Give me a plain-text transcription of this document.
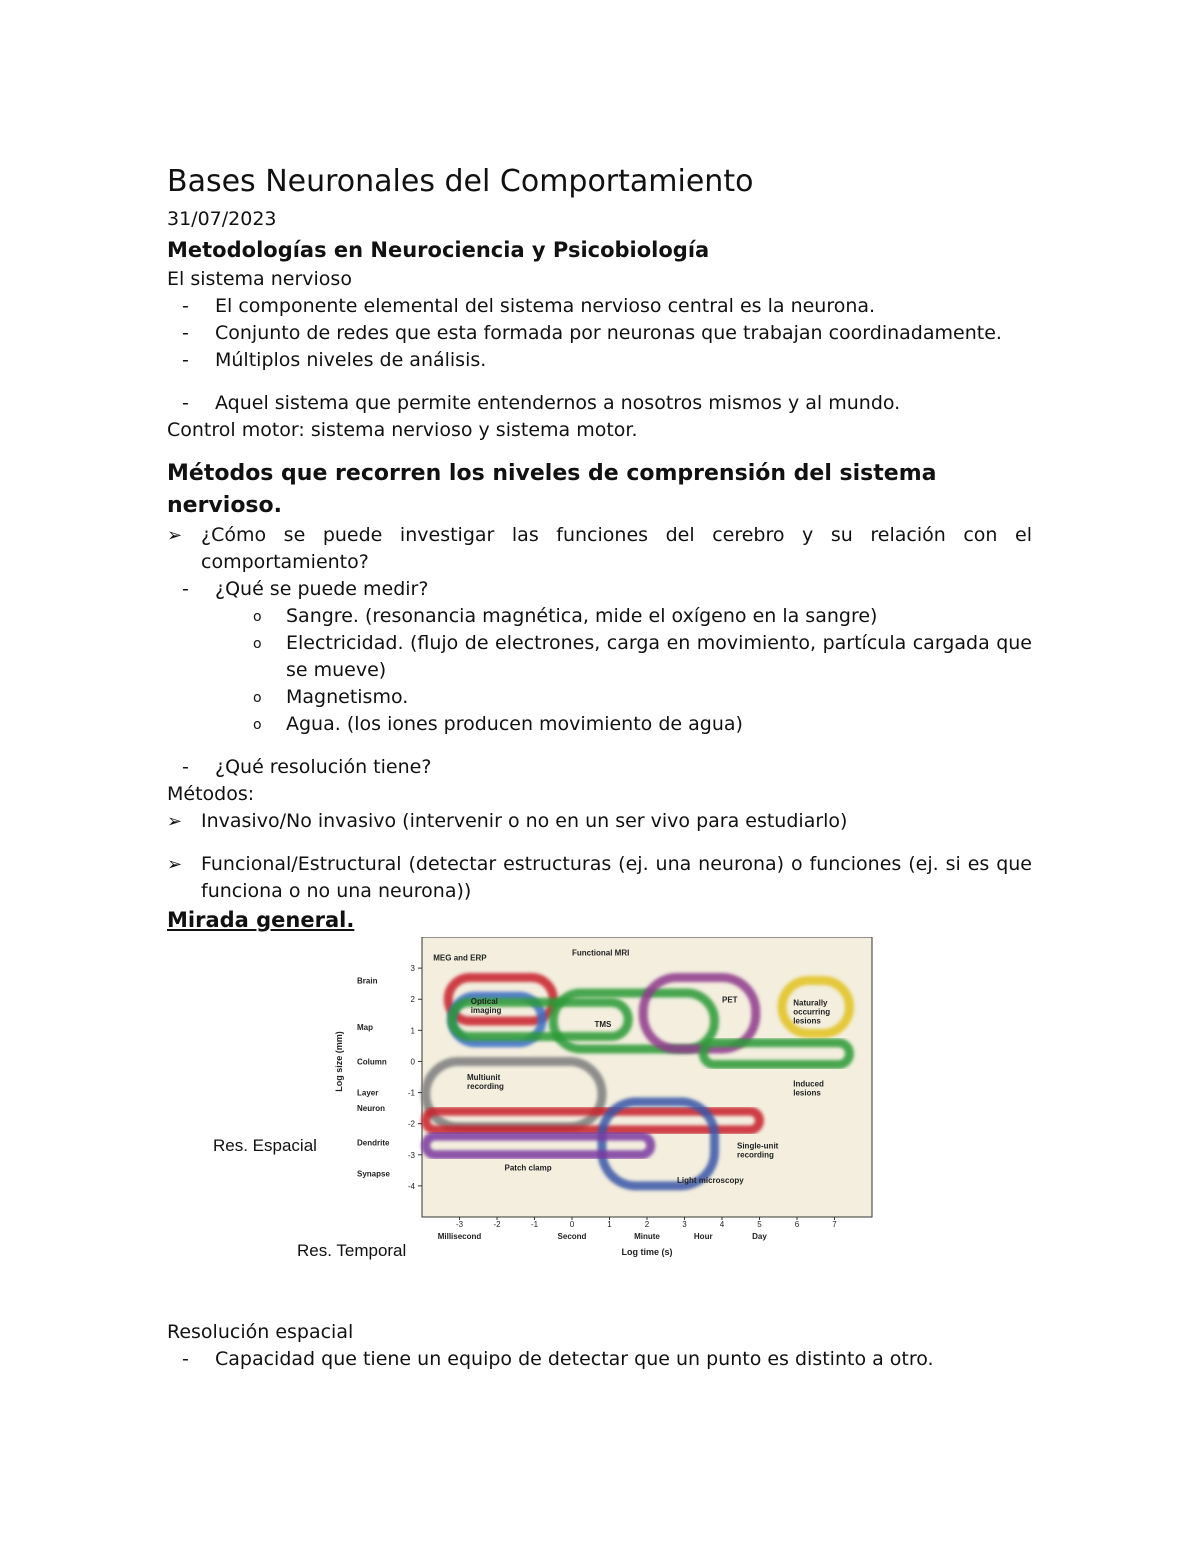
Bases Neuronales del Comportamiento

31/07/2023

Metodologías en Neurociencia y Psicobiología

El sistema nervioso

- El componente elemental del sistema nervioso central es la neurona.
- Conjunto de redes que esta formada por neuronas que trabajan coordinadamente.
- Múltiplos niveles de análisis.
- Aquel sistema que permite entendernos a nosotros mismos y al mundo.

Control motor: sistema nervioso y sistema motor.

Métodos que recorren los niveles de comprensión del sistema nervioso.
➢ ¿Cómo se puede investigar las funciones del cerebro y su relación con el comportamiento?
- ¿Qué se puede medir?
o Sangre. (resonancia magnética, mide el oxígeno en la sangre)
o Electricidad. (flujo de electrones, carga en movimiento, partícula cargada que se mueve)
o Magnetismo.
o Agua. (los iones producen movimiento de agua)
- ¿Qué resolución tiene?

Métodos:

➢ Invasivo/No invasivo (intervenir o no en un ser vivo para estudiarlo)
➢ Funcional/Estructural (detectar estructuras (ej. una neurona) o funciones (ej. si es que funciona o no una neurona))

Mirada general.

Res. Espacial
Res. Temporal
MEG and ERP
Functional MRI
Optical
imaging
PET	Naturally
occurring
lesions
TMS
Induced
lesions
Multiunit
recording
Single-unit
recording
Light microscopy
Patch clamp
3
2
1
0
-1
-2
-3
-4
-3	-2	-1	0	1	2	3	4	5	6	7
Brain
Map
Column
Layer
Neuron
Dendrite
Synapse
Millisecond	Second	Minute	Hour	Day
Log time (s)
Log size (mm)

Resolución espacial

- Capacidad que tiene un equipo de detectar que un punto es distinto a otro.
